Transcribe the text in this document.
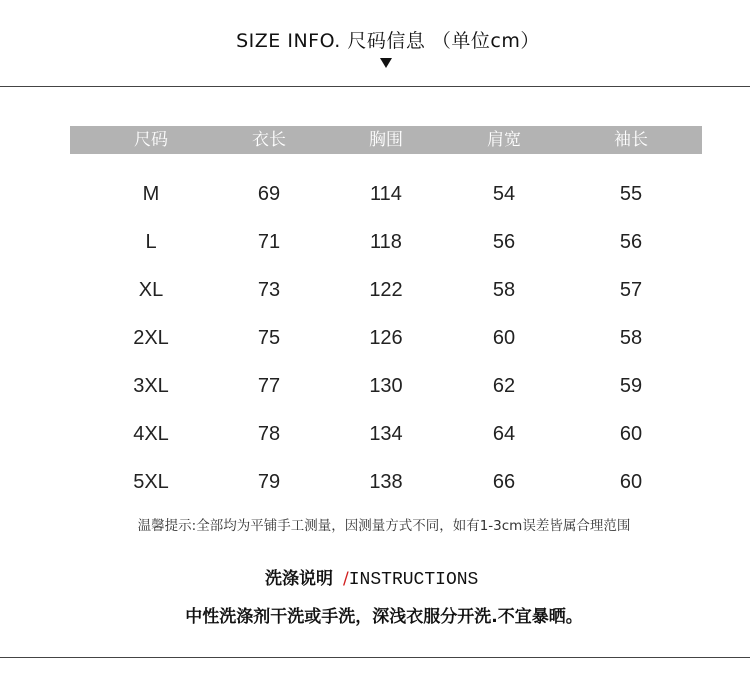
SIZE INFO. 尺码信息 （单位cm）
尺码	衣长	胸围	肩宽	袖长
M	69	114	54	55
L	71	118	56	56
XL	73	122	58	57
2XL	75	126	60	58
3XL	77	130	62	59
4XL	78	134	64	60
5XL	79	138	66	60
温馨提示:全部均为平铺手工测量，因测量方式不同，如有1-3cm误差皆属合理范围
洗涤说明 /INSTRUCTIONS
中性洗涤剂干洗或手洗，深浅衣服分开洗.不宜暴晒。
